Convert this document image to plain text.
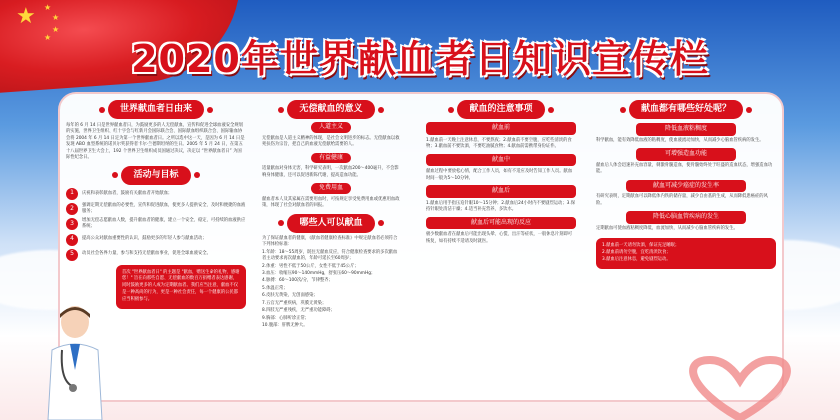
★ ★
★
★
★	2020年世界献血者日知识宣传栏
世界献血者日由来
每年的 6 月 14 日是世界献血者日，为鼓励更多的人无偿献血，宣传和促进全球血液安全规划的实施，世界卫生组织、红十字会与红新月会国际联合会、国际献血组织联合会、国际输血协会将 2004 年 6 月 14 日定为第一个世界献血者日。之所以选中这一天，是因为 6 月 14 日是发现 ABO 血型系统的诺贝尔奖获得者卡尔·兰德斯坦纳的生日。2005 年 5 月 24 日，在第五十八届世界卫生大会上，192 个世界卫生组织成员国通过决议，决定以 “世界献血者日” 为国际性纪念日。
活动与目标
1	庆祝和表彰献血者，鼓励有关献血者开始献血；
2	强调定期无偿献血的必要性，宣传和促进献血，使更多人提供安全、及时和便捷的血液服务；
3	增加无偿志愿献血人数，提升献血者的健康，建立一个安全、稳定、可持续的血液供应系统；
4	提高公众对献血重要性的认识，鼓励更多的年轻人参与献血活动；
5	动员社会各界力量，参与和支持无偿献血事业，促进全球血液安全。
首次 "世界献血者日" 的主题是 "献血，赠送生命的礼物，感谢您！" 旨在向那些自愿、无偿献血的数百万捐赠者表达感谢，同时鼓励更多的人成为定期献血者。我们应当注意，献血不仅是一种高尚的行为，更是一种社会责任，每一个健康的公民都应当积极参与。
无偿献血的意义
人道主义
无偿献血是人道主义精神的体现，是社会文明进步的标志。无偿献血以救死扶伤为宗旨，把自己的血液无偿献给需要的人。
有益健康
适量献血对身体无害，科学研究表明，一次献血200～400毫升，不会影响身体健康，还可以促进新陈代谢，提高造血功能。
免费用血
献血者本人及其家属在需要用血时，可按规定享受免费用血或优惠用血政策，体现了社会对献血者的回报。
哪些人可以献血
为了保证献血者的健康，《献血者健康检查标准》中规定献血者必须符合下列体检标准：
1.年龄：18～55周岁，既往无献血反应，符合健康检查要求的多次献血者主动要求再次献血的，年龄可延长至60周岁；
2.体重：男性不低于50公斤，女性不低于45公斤；
3.血压：收缩压90～140mmHg，舒张压60～90mmHg；
4.脉搏：60～100次/分，节律整齐；
5.体温正常；
6.皮肤无黄染，无创面感染；
7.五官无严重疾病，巩膜无黄染；
8.四肢无严重残疾，无严重功能障碍；
9.胸部：心肺听诊正常；
10.腹部：肝脾无肿大。
献血的注意事项
献血前
1.献血前一天晚上注意休息，不要熬夜；2.献血前不要空腹，应吃些清淡的食物；3.献血前不要饮酒，不要吃油腻食物；4.献血前需携带身份证件。
献血中
献血过程中要放松心情，配合工作人员，如有不适应及时告知工作人员。献血时间一般为5～10分钟。
献血后
1.献血后用手指压迫针眼10～15分钟；2.献血后24小时内不要剧烈运动；3.保持针眼处清洁干燥；4.适当补充营养，多饮水。
献血后可能出现的反应
极少数献血者在献血后可能出现头晕、心慌、出汗等症状，一般休息片刻即可恢复，如有持续不适请及时就医。
献血都有哪些好处呢？
降低血液粘稠度
科学献血，能有效降低血液的粘稠度，使血液流动加快，从而减少心脑血管疾病的发生。
可增强造血功能
献血后人体会迅速补充血容量，刺激骨髓造血，使骨髓始终处于旺盛的造血状态，增强造血功能。
献血可减少癌症的发生率
有研究表明，定期献血可以降低体内铁的储存量，减少自由基的生成，从而降低患癌症的风险。
降低心脑血管疾病的发生
定期献血可使血液粘稠度降低，血流加快，从而减少心脑血管疾病的发生。
1.献血前一天请勿饮酒，保证充足睡眠；
2.献血前请勿空腹，宜吃清淡饮食；
3.献血后注意休息，避免剧烈运动。
